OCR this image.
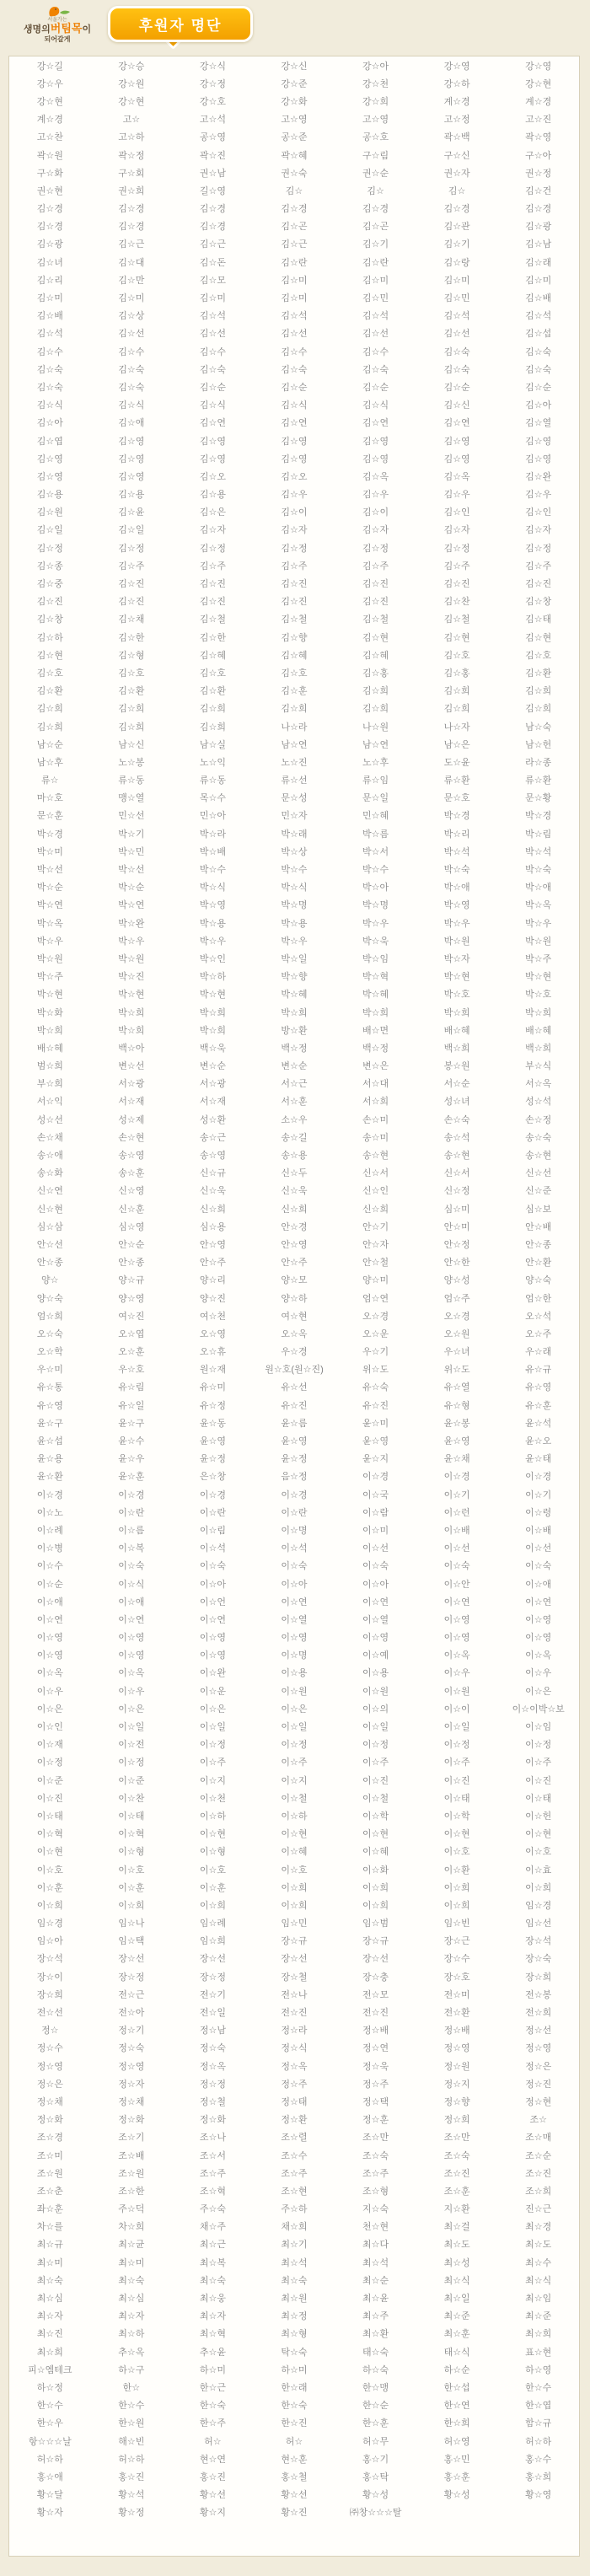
서울가는
생명의버팀목이
되어갈게
후원자 명단
강☆길	강☆승	강☆식	강☆신	강☆아	강☆영	강☆영
강☆우	강☆원	강☆정	강☆준	강☆천	강☆하	강☆현
강☆현	강☆현	강☆호	강☆화	강☆희	계☆경	계☆경
계☆경	고☆	고☆석	고☆영	고☆영	고☆정	고☆진
고☆찬	고☆하	공☆영	공☆준	공☆호	곽☆백	곽☆영
곽☆원	곽☆정	곽☆진	곽☆혜	구☆림	구☆신	구☆아
구☆화	구☆회	권☆남	권☆숙	권☆순	권☆자	권☆정
권☆현	권☆희	길☆영	김☆	김☆	김☆	김☆건
김☆경	김☆경	김☆경	김☆경	김☆경	김☆경	김☆경
김☆경	김☆경	김☆경	김☆곤	김☆곤	김☆관	김☆광
김☆광	김☆근	김☆근	김☆근	김☆기	김☆기	김☆남
김☆녀	김☆대	김☆돈	김☆란	김☆란	김☆랑	김☆래
김☆리	김☆만	김☆모	김☆미	김☆미	김☆미	김☆미
김☆미	김☆미	김☆미	김☆미	김☆민	김☆민	김☆배
김☆배	김☆상	김☆석	김☆석	김☆석	김☆석	김☆석
김☆석	김☆선	김☆선	김☆선	김☆선	김☆선	김☆섭
김☆수	김☆수	김☆수	김☆수	김☆수	김☆숙	김☆숙
김☆숙	김☆숙	김☆숙	김☆숙	김☆숙	김☆숙	김☆숙
김☆숙	김☆숙	김☆순	김☆순	김☆순	김☆순	김☆순
김☆식	김☆식	김☆식	김☆식	김☆식	김☆신	김☆아
김☆아	김☆애	김☆연	김☆연	김☆연	김☆연	김☆열
김☆엽	김☆영	김☆영	김☆영	김☆영	김☆영	김☆영
김☆영	김☆영	김☆영	김☆영	김☆영	김☆영	김☆영
김☆영	김☆영	김☆오	김☆오	김☆옥	김☆옥	김☆완
김☆용	김☆용	김☆용	김☆우	김☆우	김☆우	김☆우
김☆원	김☆윤	김☆은	김☆이	김☆이	김☆인	김☆인
김☆일	김☆일	김☆자	김☆자	김☆자	김☆자	김☆자
김☆정	김☆정	김☆정	김☆정	김☆정	김☆정	김☆정
김☆종	김☆주	김☆주	김☆주	김☆주	김☆주	김☆주
김☆중	김☆진	김☆진	김☆진	김☆진	김☆진	김☆진
김☆진	김☆진	김☆진	김☆진	김☆진	김☆찬	김☆창
김☆창	김☆채	김☆철	김☆철	김☆철	김☆철	김☆태
김☆하	김☆한	김☆한	김☆향	김☆현	김☆현	김☆현
김☆현	김☆형	김☆혜	김☆혜	김☆혜	김☆호	김☆호
김☆호	김☆호	김☆호	김☆호	김☆홍	김☆홍	김☆환
김☆환	김☆환	김☆환	김☆훈	김☆희	김☆희	김☆희
김☆희	김☆희	김☆희	김☆희	김☆희	김☆희	김☆희
김☆희	김☆희	김☆희	나☆라	나☆원	나☆자	남☆숙
남☆순	남☆신	남☆실	남☆연	남☆연	남☆은	남☆헌
남☆후	노☆봉	노☆익	노☆진	노☆후	도☆윤	라☆종
류☆	류☆동	류☆동	류☆선	류☆임	류☆환	류☆환
마☆호	맹☆열	목☆수	문☆성	문☆일	문☆호	문☆황
문☆훈	민☆선	민☆아	민☆자	민☆혜	박☆경	박☆경
박☆경	박☆기	박☆라	박☆래	박☆름	박☆리	박☆림
박☆미	박☆민	박☆배	박☆상	박☆서	박☆석	박☆석
박☆선	박☆선	박☆수	박☆수	박☆수	박☆숙	박☆숙
박☆순	박☆순	박☆식	박☆식	박☆아	박☆애	박☆애
박☆연	박☆연	박☆영	박☆명	박☆명	박☆영	박☆옥
박☆옥	박☆완	박☆용	박☆용	박☆우	박☆우	박☆우
박☆우	박☆우	박☆우	박☆우	박☆욱	박☆원	박☆원
박☆원	박☆원	박☆인	박☆일	박☆임	박☆자	박☆주
박☆주	박☆진	박☆하	박☆향	박☆혁	박☆현	박☆현
박☆현	박☆현	박☆현	박☆혜	박☆혜	박☆호	박☆호
박☆화	박☆희	박☆희	박☆희	박☆희	박☆희	박☆희
박☆희	박☆희	박☆희	방☆환	배☆면	배☆혜	배☆혜
배☆혜	백☆아	백☆욱	백☆정	백☆정	백☆희	백☆희
범☆희	변☆선	변☆순	변☆순	변☆은	봉☆원	부☆식
부☆희	서☆광	서☆광	서☆근	서☆대	서☆순	서☆옥
서☆익	서☆재	서☆재	서☆훈	서☆희	성☆녀	성☆석
성☆선	성☆제	성☆환	소☆우	손☆미	손☆숙	손☆정
손☆채	손☆현	송☆근	송☆길	송☆미	송☆석	송☆숙
송☆애	송☆영	송☆영	송☆용	송☆현	송☆현	송☆현
송☆화	송☆훈	신☆규	신☆두	신☆서	신☆서	신☆선
신☆연	신☆영	신☆욱	신☆욱	신☆인	신☆정	신☆준
신☆현	신☆훈	신☆희	신☆희	신☆희	심☆미	심☆보
심☆삼	심☆영	심☆용	안☆경	안☆기	안☆미	안☆배
안☆선	안☆순	안☆영	안☆영	안☆자	안☆정	안☆종
안☆종	안☆종	안☆주	안☆주	안☆철	안☆한	안☆환
양☆	양☆규	양☆리	양☆모	양☆미	양☆성	양☆숙
양☆숙	양☆영	양☆진	양☆하	엄☆연	엄☆주	엄☆한
엄☆희	여☆진	여☆천	여☆현	오☆경	오☆경	오☆석
오☆숙	오☆엽	오☆영	오☆옥	오☆운	오☆원	오☆주
오☆학	오☆훈	오☆휴	우☆경	우☆기	우☆녀	우☆래
우☆미	우☆호	원☆재	원☆호(원☆진)	위☆도	위☆도	유☆규
유☆통	유☆림	유☆미	유☆선	유☆숙	유☆열	유☆영
유☆영	유☆일	유☆정	유☆진	유☆진	유☆형	유☆훈
윤☆구	윤☆구	윤☆동	윤☆름	윤☆미	윤☆봉	윤☆석
윤☆섭	윤☆수	윤☆영	윤☆영	윤☆영	윤☆영	윤☆오
윤☆용	윤☆우	윤☆정	윤☆정	윤☆지	윤☆채	윤☆태
윤☆환	윤☆훈	은☆창	음☆정	이☆경	이☆경	이☆경
이☆경	이☆경	이☆경	이☆경	이☆국	이☆기	이☆기
이☆노	이☆란	이☆란	이☆란	이☆람	이☆런	이☆령
이☆례	이☆름	이☆림	이☆명	이☆미	이☆배	이☆배
이☆병	이☆복	이☆석	이☆석	이☆선	이☆선	이☆선
이☆수	이☆숙	이☆숙	이☆숙	이☆숙	이☆숙	이☆숙
이☆순	이☆식	이☆아	이☆아	이☆아	이☆안	이☆애
이☆애	이☆애	이☆언	이☆연	이☆연	이☆연	이☆연
이☆연	이☆연	이☆연	이☆열	이☆열	이☆영	이☆영
이☆영	이☆영	이☆영	이☆영	이☆영	이☆영	이☆영
이☆영	이☆영	이☆영	이☆명	이☆예	이☆옥	이☆옥
이☆옥	이☆옥	이☆완	이☆용	이☆용	이☆우	이☆우
이☆우	이☆우	이☆운	이☆원	이☆원	이☆원	이☆은
이☆은	이☆은	이☆은	이☆은	이☆의	이☆이	이☆이박☆보
이☆인	이☆일	이☆일	이☆일	이☆일	이☆일	이☆임
이☆재	이☆전	이☆정	이☆정	이☆정	이☆정	이☆정
이☆정	이☆정	이☆주	이☆주	이☆주	이☆주	이☆주
이☆준	이☆준	이☆지	이☆지	이☆진	이☆진	이☆진
이☆진	이☆찬	이☆천	이☆철	이☆철	이☆태	이☆태
이☆태	이☆태	이☆하	이☆하	이☆학	이☆학	이☆헌
이☆혁	이☆혁	이☆현	이☆현	이☆현	이☆현	이☆현
이☆현	이☆형	이☆형	이☆혜	이☆혜	이☆호	이☆호
이☆호	이☆호	이☆호	이☆호	이☆화	이☆환	이☆효
이☆훈	이☆훈	이☆훈	이☆희	이☆희	이☆희	이☆희
이☆희	이☆희	이☆희	이☆희	이☆희	이☆희	임☆경
임☆경	임☆나	임☆례	임☆민	임☆범	임☆빈	임☆선
임☆아	임☆택	임☆희	장☆규	장☆규	장☆근	장☆석
장☆석	장☆선	장☆선	장☆선	장☆선	장☆수	장☆숙
장☆이	장☆정	장☆정	장☆철	장☆충	장☆호	장☆희
장☆희	전☆근	전☆기	전☆나	전☆모	전☆미	전☆봉
전☆선	전☆아	전☆일	전☆진	전☆진	전☆환	전☆희
정☆	정☆기	정☆남	정☆라	정☆배	정☆배	정☆선
정☆수	정☆숙	정☆숙	정☆식	정☆연	정☆영	정☆영
정☆영	정☆영	정☆옥	정☆옥	정☆욱	정☆원	정☆은
정☆은	정☆자	정☆정	정☆주	정☆주	정☆지	정☆진
정☆채	정☆채	정☆철	정☆태	정☆택	정☆향	정☆현
정☆화	정☆화	정☆화	정☆환	정☆훈	정☆희	조☆
조☆경	조☆기	조☆나	조☆렬	조☆만	조☆만	조☆매
조☆미	조☆배	조☆서	조☆수	조☆숙	조☆숙	조☆순
조☆원	조☆원	조☆주	조☆주	조☆주	조☆진	조☆진
조☆춘	조☆한	조☆혁	조☆현	조☆형	조☆훈	조☆희
좌☆훈	주☆덕	주☆숙	주☆하	지☆숙	지☆환	진☆근
차☆를	차☆희	채☆주	채☆희	천☆현	최☆걸	최☆경
최☆규	최☆균	최☆근	최☆기	최☆다	최☆도	최☆도
최☆미	최☆미	최☆복	최☆석	최☆석	최☆성	최☆수
최☆숙	최☆숙	최☆숙	최☆숙	최☆순	최☆식	최☆식
최☆심	최☆심	최☆웅	최☆원	최☆윤	최☆일	최☆임
최☆자	최☆자	최☆자	최☆정	최☆주	최☆준	최☆준
최☆진	최☆하	최☆혁	최☆형	최☆환	최☆훈	최☆희
최☆희	추☆옥	추☆윤	탁☆숙	태☆숙	태☆식	표☆현
피☆엠테크	하☆구	하☆미	하☆미	하☆숙	하☆순	하☆영
하☆정	한☆	한☆근	한☆래	한☆맹	한☆섭	한☆수
한☆수	한☆수	한☆숙	한☆숙	한☆순	한☆연	한☆엽
한☆우	한☆원	한☆주	한☆진	한☆훈	한☆희	함☆규
항☆☆☆날	해☆빈	허☆	허☆	허☆무	허☆영	허☆하
허☆하	허☆하	현☆연	현☆훈	홍☆기	홍☆민	홍☆수
홍☆애	홍☆진	홍☆진	홍☆철	홍☆탁	홍☆훈	홍☆희
황☆달	황☆석	황☆선	황☆선	황☆성	황☆성	황☆영
황☆자	황☆정	황☆지	황☆진	㈜창☆☆☆탈
